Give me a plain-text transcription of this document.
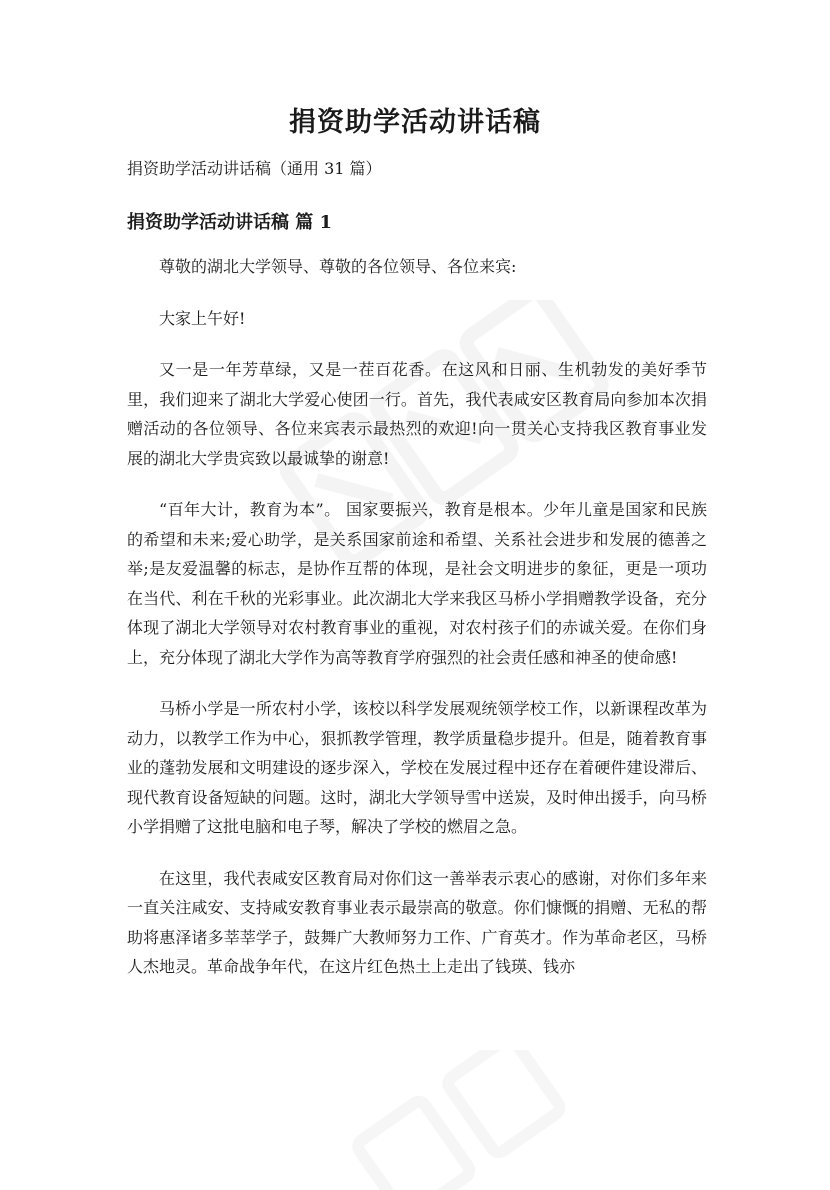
捐资助学活动讲话稿

捐资助学活动讲话稿（通用 31 篇）

捐资助学活动讲话稿 篇 1

尊敬的湖北大学领导、尊敬的各位领导、各位来宾:

大家上午好!

又一是一年芳草绿，又是一茬百花香。在这风和日丽、生机勃发的美好季节里，我们迎来了湖北大学爱心使团一行。首先，我代表咸安区教育局向参加本次捐赠活动的各位领导、各位来宾表示最热烈的欢迎!向一贯关心支持我区教育事业发展的湖北大学贵宾致以最诚挚的谢意!

“百年大计，教育为本”。 国家要振兴，教育是根本。少年儿童是国家和民族的希望和未来;爱心助学，是关系国家前途和希望、关系社会进步和发展的德善之举;是友爱温馨的标志，是协作互帮的体现，是社会文明进步的象征，更是一项功在当代、利在千秋的光彩事业。此次湖北大学来我区马桥小学捐赠教学设备，充分体现了湖北大学领导对农村教育事业的重视，对农村孩子们的赤诚关爱。在你们身上，充分体现了湖北大学作为高等教育学府强烈的社会责任感和神圣的使命感!

马桥小学是一所农村小学，该校以科学发展观统领学校工作，以新课程改革为动力，以教学工作为中心，狠抓教学管理，教学质量稳步提升。但是，随着教育事业的蓬勃发展和文明建设的逐步深入，学校在发展过程中还存在着硬件建设滞后、现代教育设备短缺的问题。这时，湖北大学领导雪中送炭，及时伸出援手，向马桥小学捐赠了这批电脑和电子琴，解决了学校的燃眉之急。

在这里，我代表咸安区教育局对你们这一善举表示衷心的感谢，对你们多年来一直关注咸安、支持咸安教育事业表示最崇高的敬意。你们慷慨的捐赠、无私的帮助将惠泽诸多莘莘学子，鼓舞广大教师努力工作、广育英才。作为革命老区，马桥人杰地灵。革命战争年代，在这片红色热土上走出了钱瑛、钱亦
